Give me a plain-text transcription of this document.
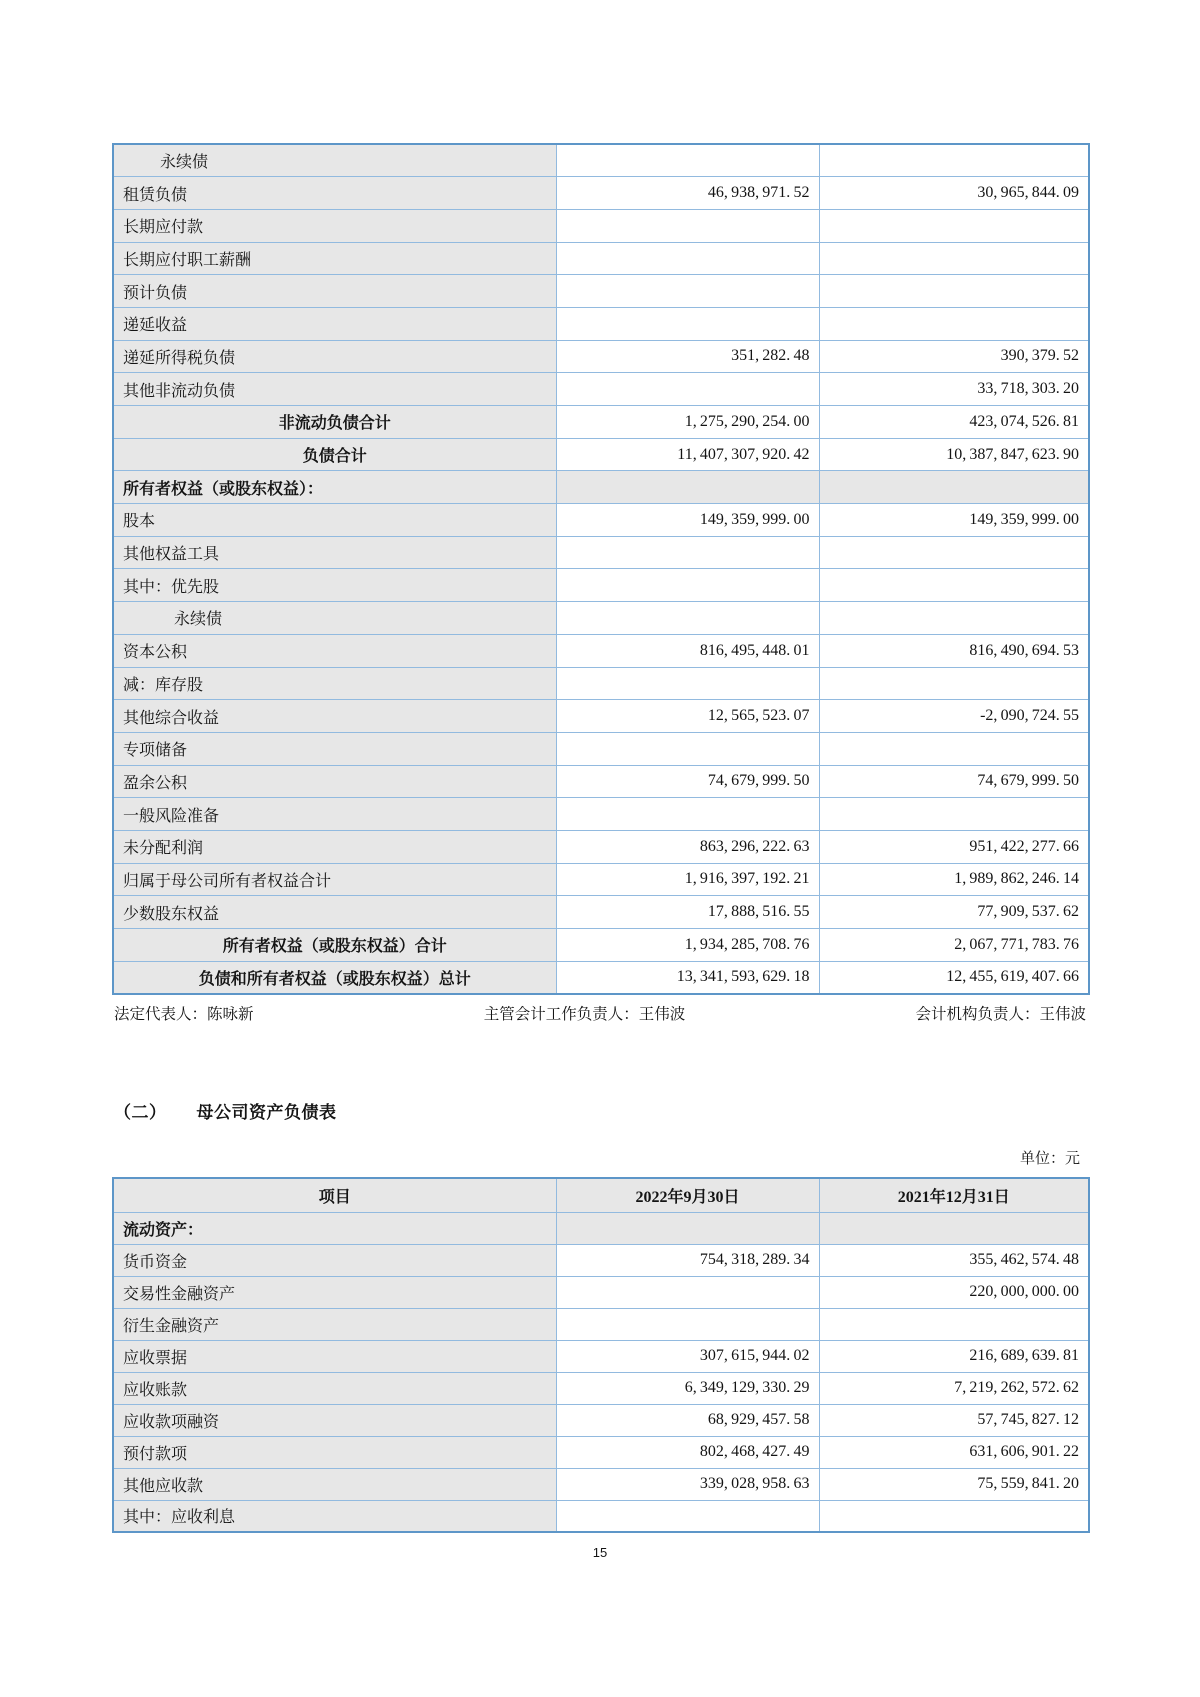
永续债		
租赁负债	46, 938, 971. 52	30, 965, 844. 09
长期应付款		
长期应付职工薪酬		
预计负债		
递延收益		
递延所得税负债	351, 282. 48	390, 379. 52
其他非流动负债		33, 718, 303. 20
非流动负债合计	1, 275, 290, 254. 00	423, 074, 526. 81
负债合计	11, 407, 307, 920. 42	10, 387, 847, 623. 90
所有者权益（或股东权益）：		
股本	149, 359, 999. 00	149, 359, 999. 00
其他权益工具		
其中：优先股		
永续债		
资本公积	816, 495, 448. 01	816, 490, 694. 53
减：库存股		
其他综合收益	12, 565, 523. 07	-2, 090, 724. 55
专项储备		
盈余公积	74, 679, 999. 50	74, 679, 999. 50
一般风险准备		
未分配利润	863, 296, 222. 63	951, 422, 277. 66
归属于母公司所有者权益合计	1, 916, 397, 192. 21	1, 989, 862, 246. 14
少数股东权益	17, 888, 516. 55	77, 909, 537. 62
所有者权益（或股东权益）合计	1, 934, 285, 708. 76	2, 067, 771, 783. 76
负债和所有者权益（或股东权益）总计	13, 341, 593, 629. 18	12, 455, 619, 407. 66
法定代表人：陈咏新	主管会计工作负责人：王伟波	会计机构负责人：王伟波
（二） 母公司资产负债表
单位：元
项目	2022年9月30日	2021年12月31日
流动资产：		
货币资金	754, 318, 289. 34	355, 462, 574. 48
交易性金融资产		220, 000, 000. 00
衍生金融资产		
应收票据	307, 615, 944. 02	216, 689, 639. 81
应收账款	6, 349, 129, 330. 29	7, 219, 262, 572. 62
应收款项融资	68, 929, 457. 58	57, 745, 827. 12
预付款项	802, 468, 427. 49	631, 606, 901. 22
其他应收款	339, 028, 958. 63	75, 559, 841. 20
其中：应收利息		
15
